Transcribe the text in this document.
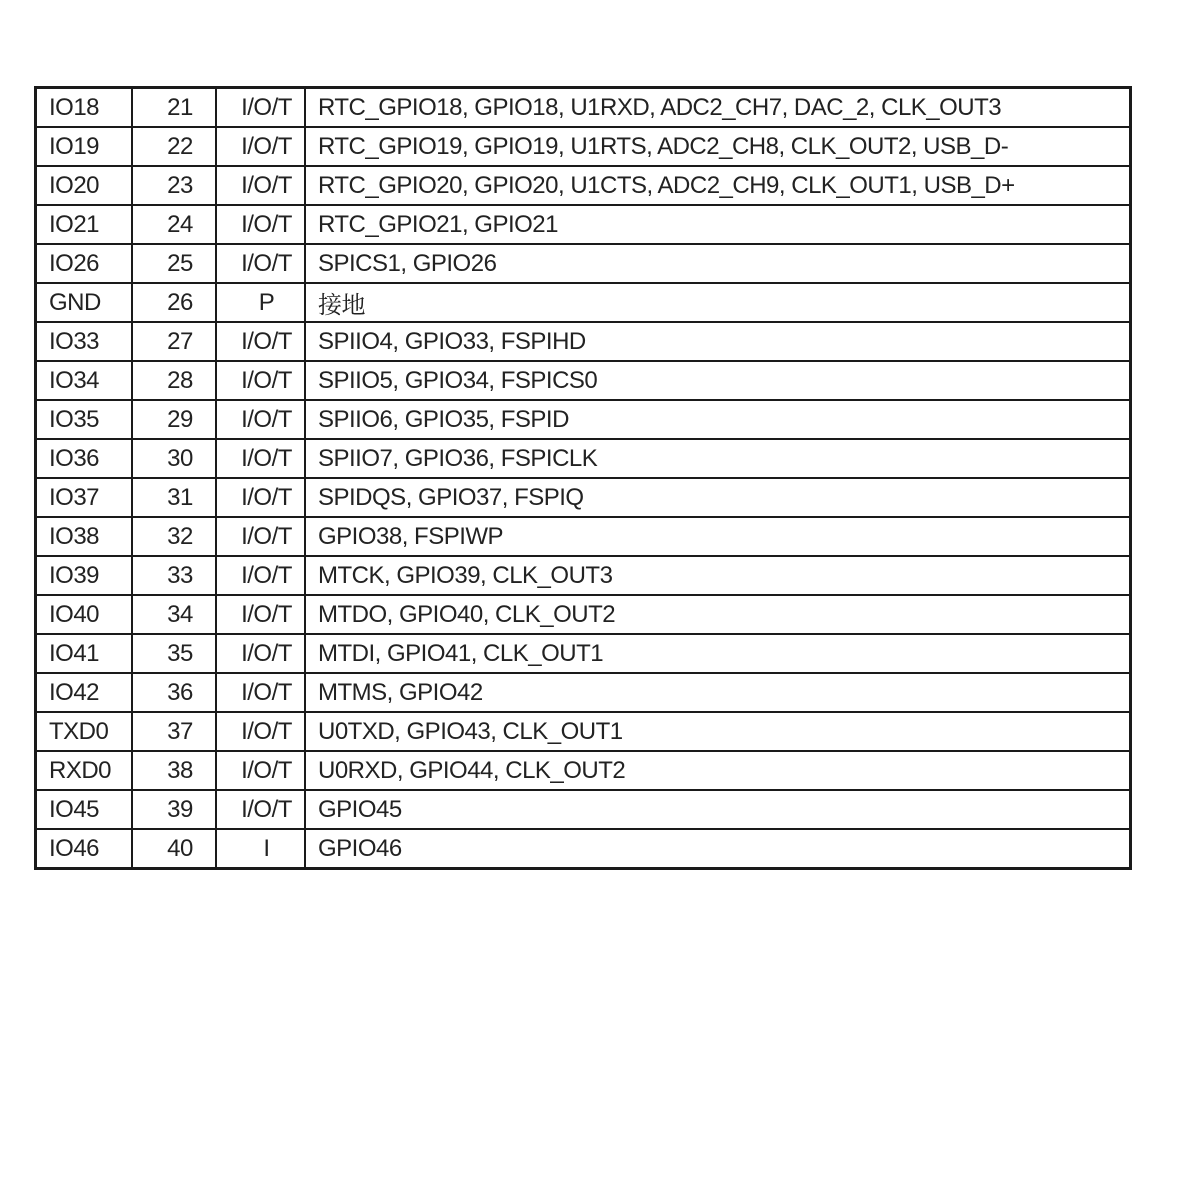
IO18	21	I/O/T	RTC_GPIO18, GPIO18, U1RXD, ADC2_CH7, DAC_2, CLK_OUT3
IO19	22	I/O/T	RTC_GPIO19, GPIO19, U1RTS, ADC2_CH8, CLK_OUT2, USB_D-
IO20	23	I/O/T	RTC_GPIO20, GPIO20, U1CTS, ADC2_CH9, CLK_OUT1, USB_D+
IO21	24	I/O/T	RTC_GPIO21, GPIO21
IO26	25	I/O/T	SPICS1, GPIO26
GND	26	P	接地
IO33	27	I/O/T	SPIIO4, GPIO33, FSPIHD
IO34	28	I/O/T	SPIIO5, GPIO34, FSPICS0
IO35	29	I/O/T	SPIIO6, GPIO35, FSPID
IO36	30	I/O/T	SPIIO7, GPIO36, FSPICLK
IO37	31	I/O/T	SPIDQS, GPIO37, FSPIQ
IO38	32	I/O/T	GPIO38, FSPIWP
IO39	33	I/O/T	MTCK, GPIO39, CLK_OUT3
IO40	34	I/O/T	MTDO, GPIO40, CLK_OUT2
IO41	35	I/O/T	MTDI, GPIO41, CLK_OUT1
IO42	36	I/O/T	MTMS, GPIO42
TXD0	37	I/O/T	U0TXD, GPIO43, CLK_OUT1
RXD0	38	I/O/T	U0RXD, GPIO44, CLK_OUT2
IO45	39	I/O/T	GPIO45
IO46	40	I	GPIO46
